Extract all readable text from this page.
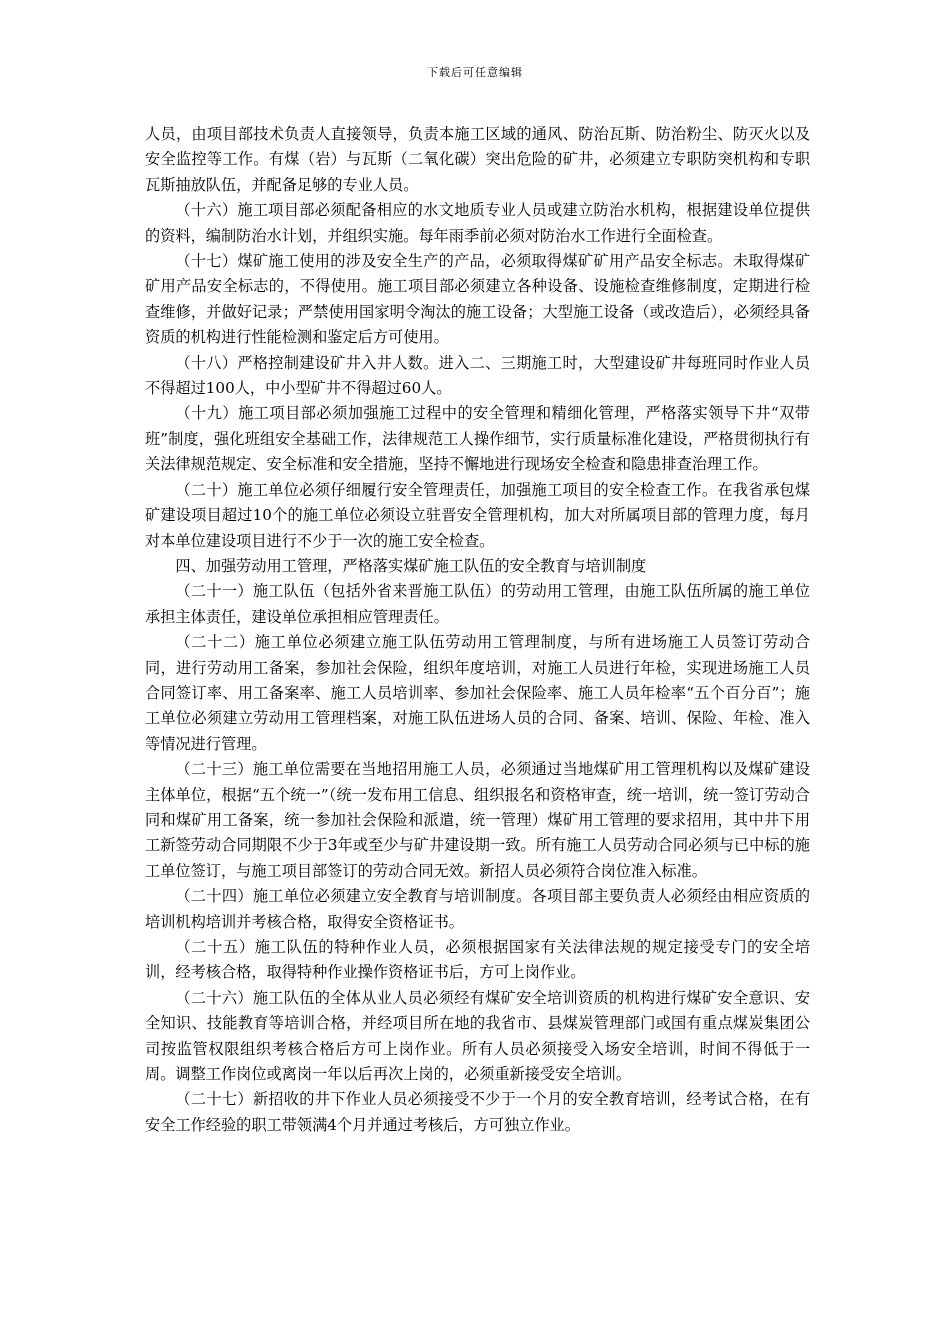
下载后可任意编辑

人员，由项目部技术负责人直接领导，负责本施工区域的通风、防治瓦斯、防治粉尘、防灭火以及安全监控等工作。有煤（岩）与瓦斯（二氧化碳）突出危险的矿井，必须建立专职防突机构和专职瓦斯抽放队伍，并配备足够的专业人员。

（十六）施工项目部必须配备相应的水文地质专业人员或建立防治水机构，根据建设单位提供的资料，编制防治水计划，并组织实施。每年雨季前必须对防治水工作进行全面检查。

（十七）煤矿施工使用的涉及安全生产的产品，必须取得煤矿矿用产品安全标志。未取得煤矿矿用产品安全标志的，不得使用。施工项目部必须建立各种设备、设施检查维修制度，定期进行检查维修，并做好记录；严禁使用国家明令淘汰的施工设备；大型施工设备（或改造后），必须经具备资质的机构进行性能检测和鉴定后方可使用。

（十八）严格控制建设矿井入井人数。进入二、三期施工时，大型建设矿井每班同时作业人员不得超过100人，中小型矿井不得超过60人。

（十九）施工项目部必须加强施工过程中的安全管理和精细化管理，严格落实领导下井“双带班”制度，强化班组安全基础工作，法律规范工人操作细节，实行质量标准化建设，严格贯彻执行有关法律规范规定、安全标准和安全措施，坚持不懈地进行现场安全检查和隐患排查治理工作。

（二十）施工单位必须仔细履行安全管理责任，加强施工项目的安全检查工作。在我省承包煤矿建设项目超过10个的施工单位必须设立驻晋安全管理机构，加大对所属项目部的管理力度，每月对本单位建设项目进行不少于一次的施工安全检查。

四、加强劳动用工管理，严格落实煤矿施工队伍的安全教育与培训制度

（二十一）施工队伍（包括外省来晋施工队伍）的劳动用工管理，由施工队伍所属的施工单位承担主体责任，建设单位承担相应管理责任。

（二十二）施工单位必须建立施工队伍劳动用工管理制度，与所有进场施工人员签订劳动合同，进行劳动用工备案，参加社会保险，组织年度培训，对施工人员进行年检，实现进场施工人员合同签订率、用工备案率、施工人员培训率、参加社会保险率、施工人员年检率“五个百分百”；施工单位必须建立劳动用工管理档案，对施工队伍进场人员的合同、备案、培训、保险、年检、准入等情况进行管理。

（二十三）施工单位需要在当地招用施工人员，必须通过当地煤矿用工管理机构以及煤矿建设主体单位，根据“五个统一”（统一发布用工信息、组织报名和资格审查，统一培训，统一签订劳动合同和煤矿用工备案，统一参加社会保险和派遣，统一管理）煤矿用工管理的要求招用，其中井下用工新签劳动合同期限不少于3年或至少与矿井建设期一致。所有施工人员劳动合同必须与已中标的施工单位签订，与施工项目部签订的劳动合同无效。新招人员必须符合岗位准入标准。

（二十四）施工单位必须建立安全教育与培训制度。各项目部主要负责人必须经由相应资质的培训机构培训并考核合格，取得安全资格证书。

（二十五）施工队伍的特种作业人员，必须根据国家有关法律法规的规定接受专门的安全培训，经考核合格，取得特种作业操作资格证书后，方可上岗作业。

（二十六）施工队伍的全体从业人员必须经有煤矿安全培训资质的机构进行煤矿安全意识、安全知识、技能教育等培训合格，并经项目所在地的我省市、县煤炭管理部门或国有重点煤炭集团公司按监管权限组织考核合格后方可上岗作业。所有人员必须接受入场安全培训，时间不得低于一周。调整工作岗位或离岗一年以后再次上岗的，必须重新接受安全培训。

（二十七）新招收的井下作业人员必须接受不少于一个月的安全教育培训，经考试合格，在有安全工作经验的职工带领满4个月并通过考核后，方可独立作业。
